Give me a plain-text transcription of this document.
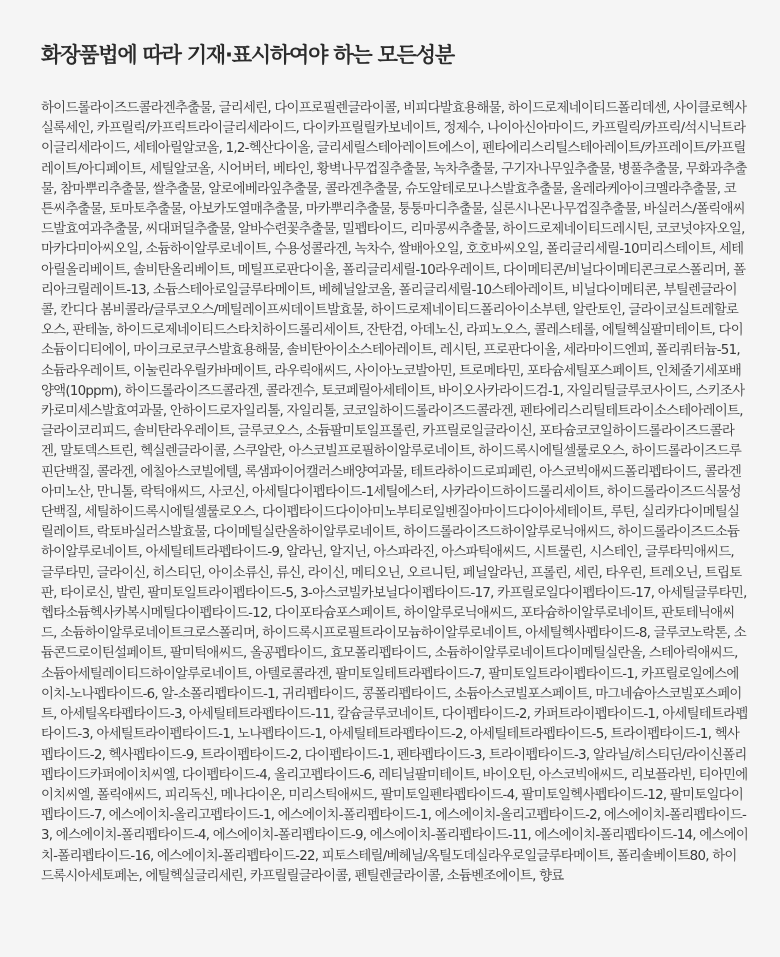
화장품법에 따라 기재·표시하여야 하는 모든성분

하이드롤라이즈드콜라겐추출물, 글리세린, 다이프로필렌글라이콜, 비피다발효용해물, 하이드로제네이티드폴리데센, 사이클로헥사실록세인, 카프릴릭/카프릭트라이글리세라이드, 다이카프릴릴카보네이트, 정제수, 나이아신아마이드, 카프릴릭/카프릭/석시닉트라이글리세라이드, 세테아릴알코올, 1,2-헥산다이올, 글리세릴스테아레이트에스이, 펜타에리스리틸스테아레이트/카프레이트/카프릴레이트/아디페이트, 세틸알코올, 시어버터, 베타인, 황벽나무껍질추출물, 녹차추출물, 구기자나무잎추출물, 병풀추출물, 무화과추출물, 참마뿌리추출물, 쌀추출물, 알로에베라잎추출물, 콜라겐추출물, 슈도알테로모나스발효추출물, 올레라케아이크멜라추출물, 코튼씨추출물, 토마토추출물, 아보카도열매추출물, 마카뿌리추출물, 퉁퉁마디추출물, 실론시나몬나무껍질추출물, 바실러스/폴릭애씨드발효여과추출물, 씨대퍼딜추출물, 알바수련꽃추출물, 밀펩타이드, 리마콩씨추출물, 하이드로제네이티드레시틴, 코코넛야자오일, 마카다미아씨오일, 소듐하이알루로네이트, 수용성콜라겐, 녹차수, 쌀배아오일, 호호바씨오일, 폴리글리세릴-10미리스테이트, 세테아릴올리베이트, 솔비탄올리베이트, 메틸프로판다이올, 폴리글리세릴-10라우레이트, 다이메티콘/비닐다이메티콘크로스폴리머, 폴리아크릴레이트-13, 소듐스테아로일글루타메이트, 베헤닐알코올, 폴리글리세릴-10스테아레이트, 비닐다이메티콘, 부틸렌글라이콜, 칸디다 봄비콜라/글루코오스/메틸레이프씨데이트발효물, 하이드로제네이티드폴리아이소부텐, 알란토인, 글라이코실트레할로오스, 판테놀, 하이드로제네이티드스타치하이드롤리세이트, 잔탄검, 아데노신, 라피노오스, 콜레스테롤, 에틸헥실팔미테이트, 다이소듐이디티에이, 마이크로코쿠스발효용해물, 솔비탄아이소스테아레이트, 레시틴, 프로판다이올, 세라마이드엔피, 폴리쿼터늄-51, 소듐라우레이트, 이눌린라우릴카바메이트, 라우릭애씨드, 사이아노코발아민, 트로메타민, 포타슘세틸포스페이트, 인체줄기세포배양액(10ppm), 하이드롤라이즈드콜라겐, 콜라겐수, 토코페릴아세테이트, 바이오사카라이드검-1, 자일리틸글루코사이드, 스키조사카로미세스발효여과물, 안하이드로자일리톨, 자일리톨, 코코일하이드롤라이즈드콜라겐, 펜타에리스리틸테트라이소스테아레이트, 글라이코리피드, 솔비탄라우레이트, 글루코오스, 소듐팔미토일프롤린, 카프릴로일글라이신, 포타슘코코일하이드롤라이즈드콜라겐, 말토덱스트린, 헥실렌글라이콜, 스쿠알란, 아스코빌프로필하이알루로네이트, 하이드록시에틸셀룰로오스, 하이드롤라이즈드루핀단백질, 콜라겐, 에칠아스코빌에텔, 록샘파이어캘러스배양여과물, 테트라하이드로피페린, 아스코빅애씨드폴리펩타이드, 콜라겐아미노산, 만니톨, 락틱애씨드, 사코신, 아세틸다이펩타이드-1세틸에스터, 사카라이드하이드롤리세이트, 하이드롤라이즈드식물성단백질, 세틸하이드록시에틸셀룰로오스, 다이펩타이드다이아미노부티로일벤질아마이드다이아세테이트, 루틴, 실리카다이메틸실릴레이트, 락토바실러스발효물, 다이메틸실란올하이알루로네이트, 하이드롤라이즈드하이알루로닉애씨드, 하이드롤라이즈드소듐하이알루로네이트, 아세틸테트라펩타이드-9, 알라닌, 알지닌, 아스파라진, 아스파틱애씨드, 시트룰린, 시스테인, 글루타믹애씨드, 글루타민, 글라이신, 히스티딘, 아이소류신, 류신, 라이신, 메티오닌, 오르니틴, 페닐알라닌, 프롤린, 세린, 타우린, 트레오닌, 트립토판, 타이로신, 발린, 팔미토일트라이펩타이드-5, 3-아스코빌카보닐다이펩타이드-17, 카프릴로일다이펩타이드-17, 아세틸글루타민, 헵타소듐헥사카복시메틸다이펩타이드-12, 다이포타슘포스페이트, 하이알루로닉애씨드, 포타슘하이알루로네이트, 판토테닉애씨드, 소듐하이알루로네이트크로스폴리머, 하이드록시프로필트라이모늄하이알루로네이트, 아세틸헥사펩타이드-8, 글루코노락톤, 소듐콘드로이틴설페이트, 팔미틱애씨드, 올공펩타이드, 효모폴리펩타이드, 소듐하이알루로네이트다이메틸실란올, 스테아릭애씨드, 소듐아세틸레이티드하이알루로네이트, 아텔로콜라겐, 팔미토일테트라펩타이드-7, 팔미토일트라이펩타이드-1, 카프릴로일에스에이치-노나펩타이드-6, 알-소폴리펩타이드-1, 귀리펩타이드, 콩폴리펩타이드, 소듐아스코빌포스페이트, 마그네슘아스코빌포스페이트, 아세틸옥타펩타이드-3, 아세틸테트라펩타이드-11, 칼슘글루코네이트, 다이펩타이드-2, 카퍼트라이펩타이드-1, 아세틸테트라펩타이드-3, 아세틸트라이펩타이드-1, 노나펩타이드-1, 아세틸테트라펩타이드-2, 아세틸테트라펩타이드-5, 트라이펩타이드-1, 헥사펩타이드-2, 헥사펩타이드-9, 트라이펩타이드-2, 다이펩타이드-1, 펜타펩타이드-3, 트라이펩타이드-3, 알라닐/히스티딘/라이신폴리펩타이드카퍼에이치씨엘, 다이펩타이드-4, 올리고펩타이드-6, 레티닐팔미테이트, 바이오틴, 아스코빅애씨드, 리보플라빈, 티아민에이치씨엘, 폴릭애씨드, 피리독신, 메나다이온, 미리스틱애씨드, 팔미토일펜타펩타이드-4, 팔미토일헥사펩타이드-12, 팔미토일다이펩타이드-7, 에스에이치-올리고펩타이드-1, 에스에이치-폴리펩타이드-1, 에스에이치-올리고펩타이드-2, 에스에이치-폴리펩타이드-3, 에스에이치-폴리펩타이드-4, 에스에이치-폴리펩타이드-9, 에스에이치-폴리펩타이드-11, 에스에이치-폴리펩타이드-14, 에스에이치-폴리펩타이드-16, 에스에이치-폴리펩타이드-22, 피토스테릴/베헤닐/옥틸도데실라우로일글루타메이트, 폴리솔베이트80, 하이드록시아세토페논, 에틸헥실글리세린, 카프릴릴글라이콜, 펜틸렌글라이콜, 소듐벤조에이트, 향료
